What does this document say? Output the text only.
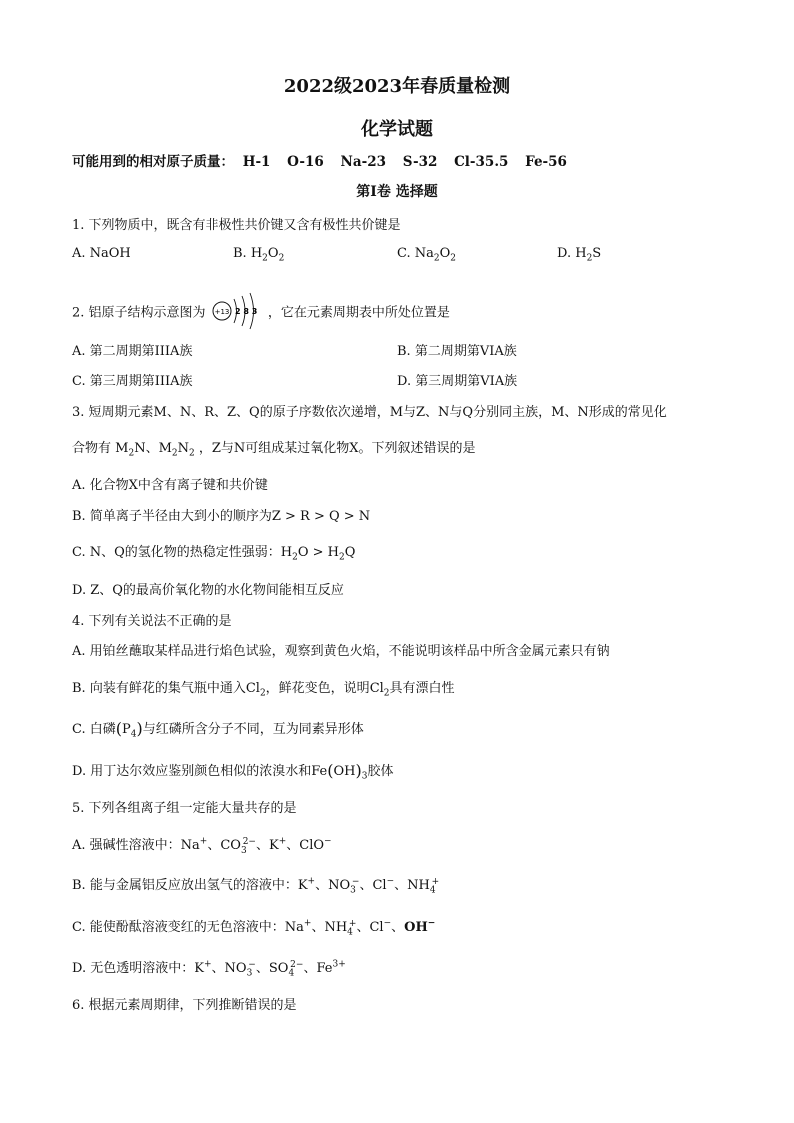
2022级2023年春质量检测
化学试题
可能用到的相对原子质量： H-1 O-16 Na-23 S-32 Cl-35.5 Fe-56
第I卷 选择题
1. 下列物质中，既含有非极性共价键又含有极性共价键是
A. NaOH	B. $H_2O_2$	C. $Na_2O_2$	D. $H_2S$
2. 铝原子结构示意图为 +13 2 8 3 ，它在元素周期表中所处位置是
A. 第二周期第IIIA族	B. 第二周期第VIA族
C. 第三周期第IIIA族	D. 第三周期第VIA族
3. 短周期元素M、N、R、Z、Q的原子序数依次递增，M与Z、N与Q分别同主族，M、N形成的常见化
合物有 $M_2N$、$M_2N_2$ ，Z与N可组成某过氧化物X。下列叙述错误的是
A. 化合物X中含有离子键和共价键
B. 简单离子半径由大到小的顺序为Z > R > Q > N
C. N、Q的氢化物的热稳定性强弱：$H_2O > H_2Q$
D. Z、Q的最高价氧化物的水化物间能相互反应
4. 下列有关说法不正确的是
A. 用铂丝蘸取某样品进行焰色试验，观察到黄色火焰，不能说明该样品中所含金属元素只有钠
B. 向装有鲜花的集气瓶中通入$Cl_2$，鲜花变色，说明$Cl_2$具有漂白性
C. 白磷$(P_4)$与红磷所含分子不同，互为同素异形体
D. 用丁达尔效应鉴别颜色相似的浓溴水和$Fe(OH)_3$胶体
5. 下列各组离子组一定能大量共存的是
A. 强碱性溶液中：Na+、$CO_3^{2-}$、K+、ClO−
B. 能与金属铝反应放出氢气的溶液中：K+、$NO_3^-$、Cl−、$NH_4^+$
C. 能使酚酞溶液变红的无色溶液中：Na+、$NH_4^+$、Cl−、OH−
D. 无色透明溶液中：K+、$NO_3^-$、$SO_4^{2-}$、$Fe^{3+}$
6. 根据元素周期律，下列推断错误的是
